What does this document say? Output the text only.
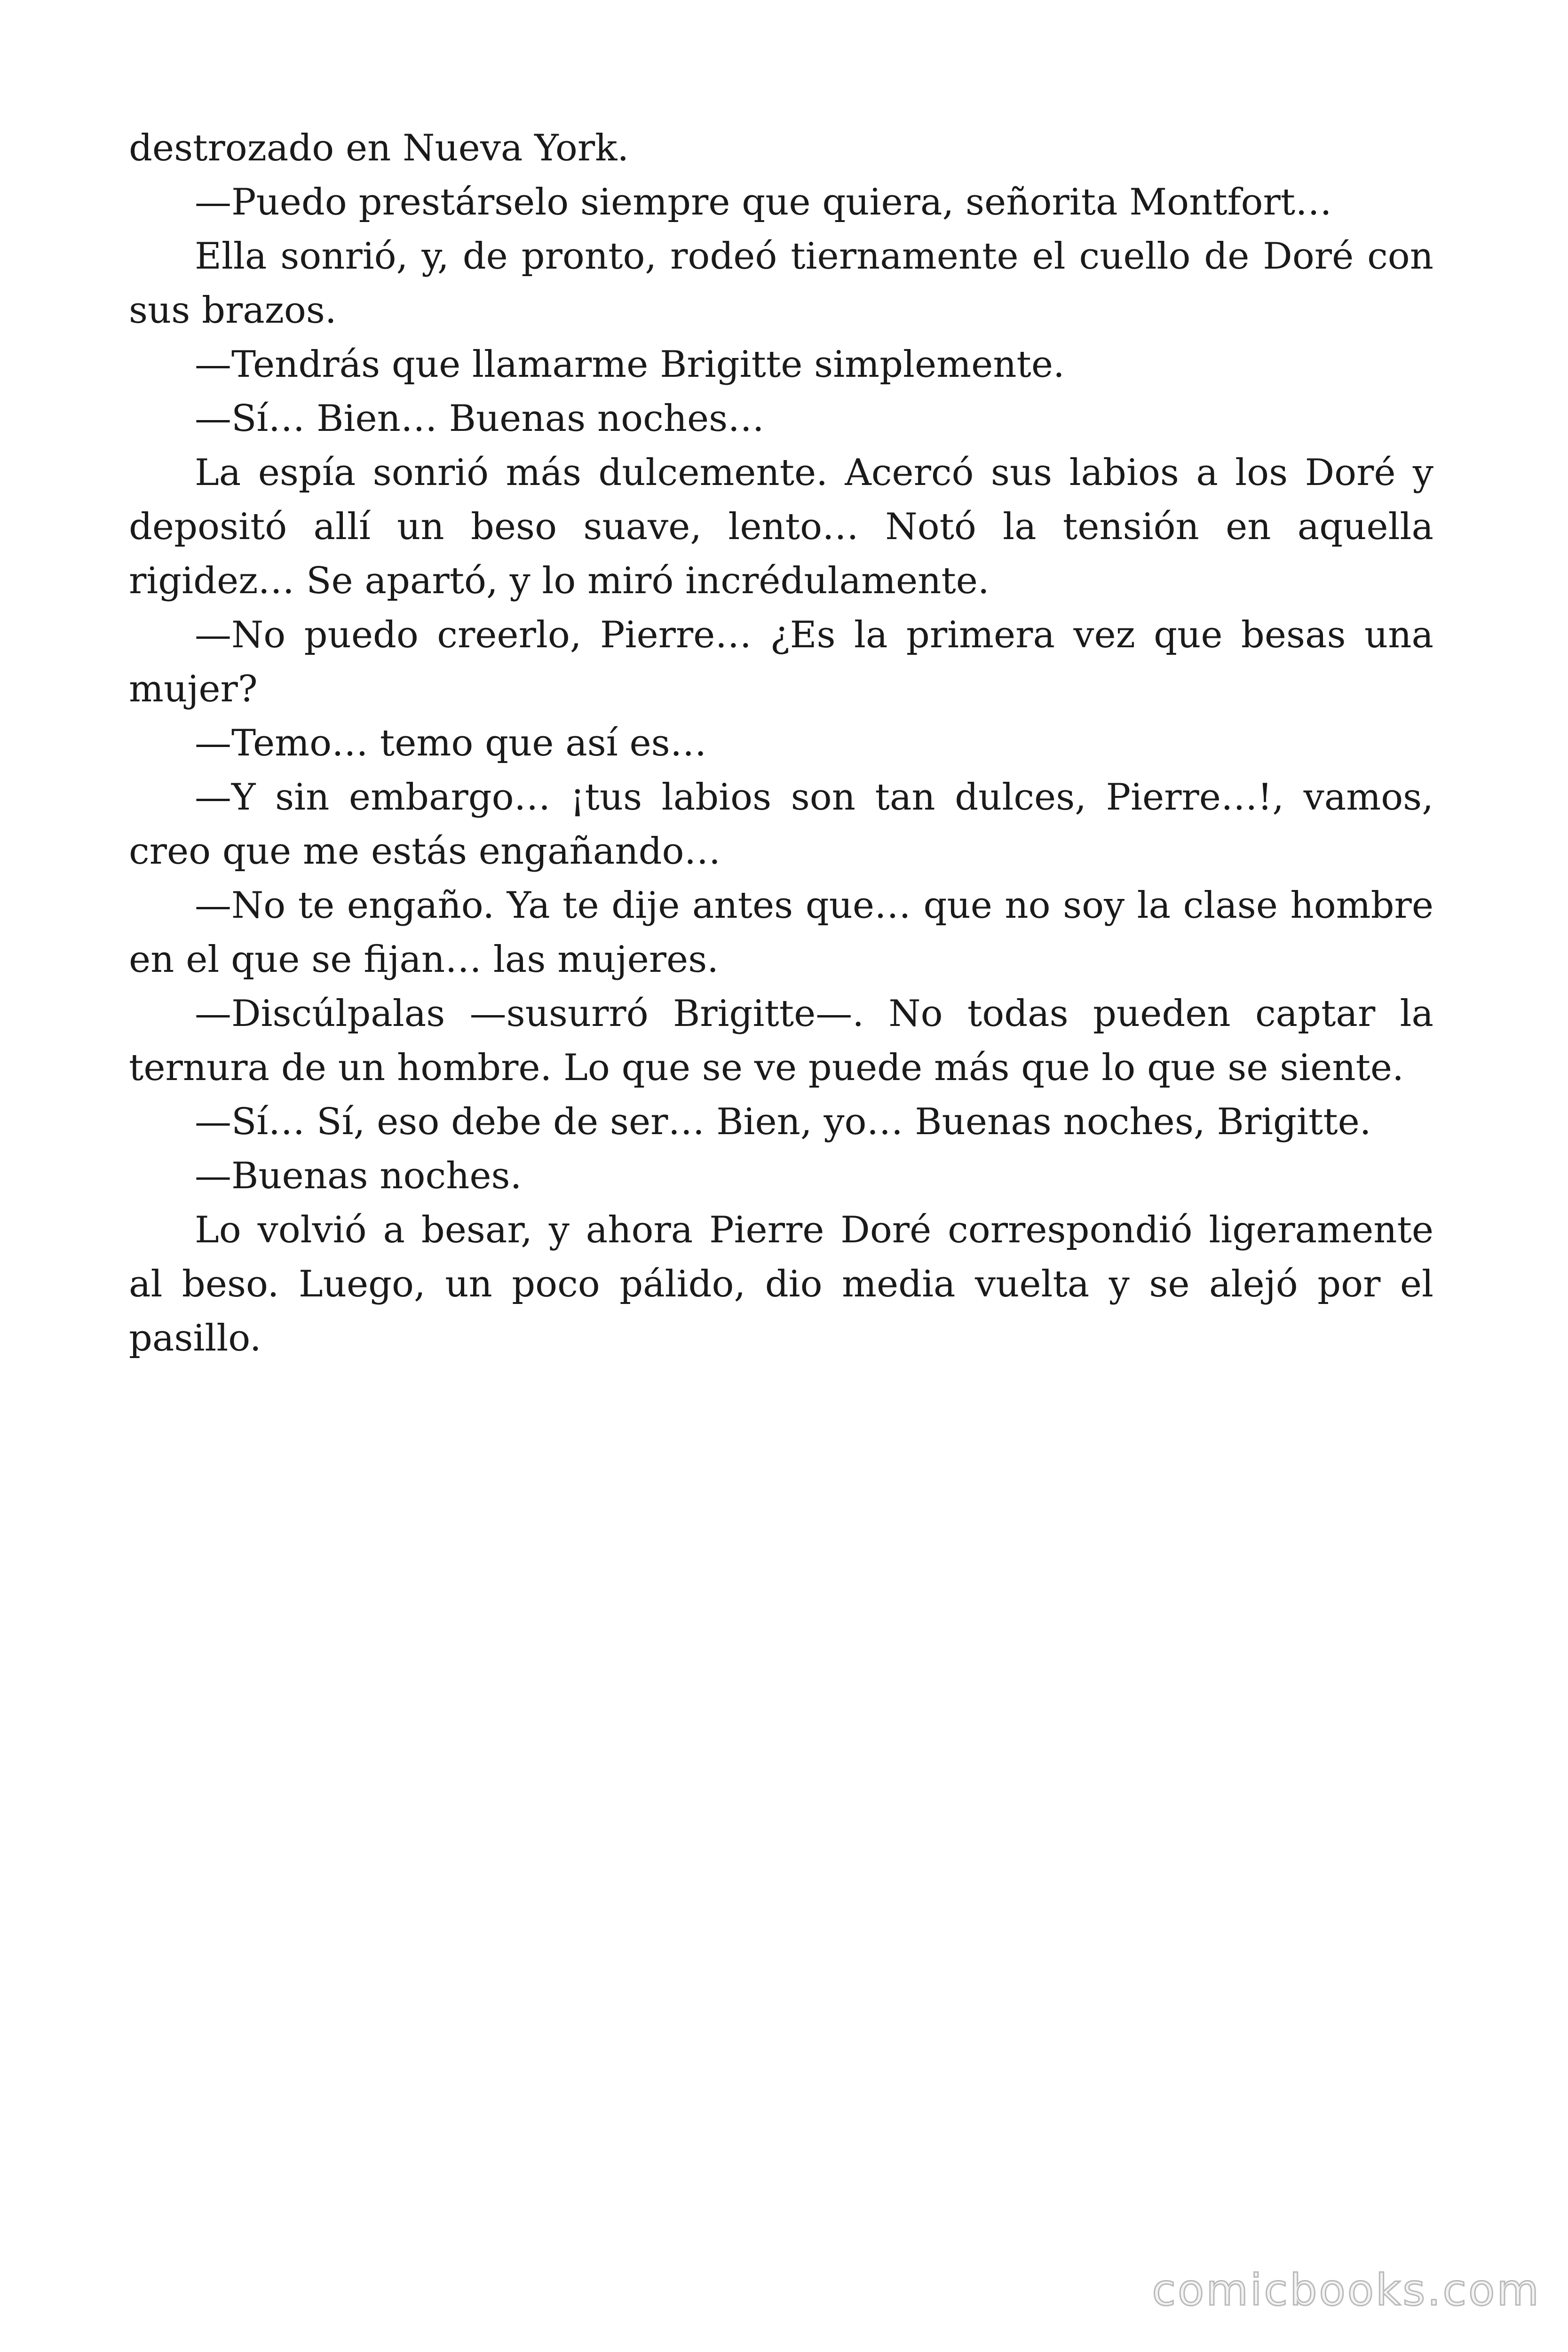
destrozado en Nueva York.

—Puedo prestárselo siempre que quiera, señorita Montfort…

Ella sonrió, y, de pronto, rodeó tiernamente el cuello de Doré con sus brazos.

—Tendrás que llamarme Brigitte simplemente.

—Sí… Bien… Buenas noches…

La espía sonrió más dulcemente. Acercó sus labios a los Doré y depositó allí un beso suave, lento… Notó la tensión en aquella rigidez… Se apartó, y lo miró incrédulamente.

—No puedo creerlo, Pierre… ¿Es la primera vez que besas una mujer?

—Temo… temo que así es…

—Y sin embargo… ¡tus labios son tan dulces, Pierre…!, vamos, creo que me estás engañando…

—No te engaño. Ya te dije antes que… que no soy la clase hombre en el que se fijan… las mujeres.

—Discúlpalas —susurró Brigitte—. No todas pueden captar la ternura de un hombre. Lo que se ve puede más que lo que se siente.

—Sí… Sí, eso debe de ser… Bien, yo… Buenas noches, Brigitte.

—Buenas noches.

Lo volvió a besar, y ahora Pierre Doré correspondió ligeramente al beso. Luego, un poco pálido, dio media vuelta y se alejó por el pasillo.

comicbooks.com
